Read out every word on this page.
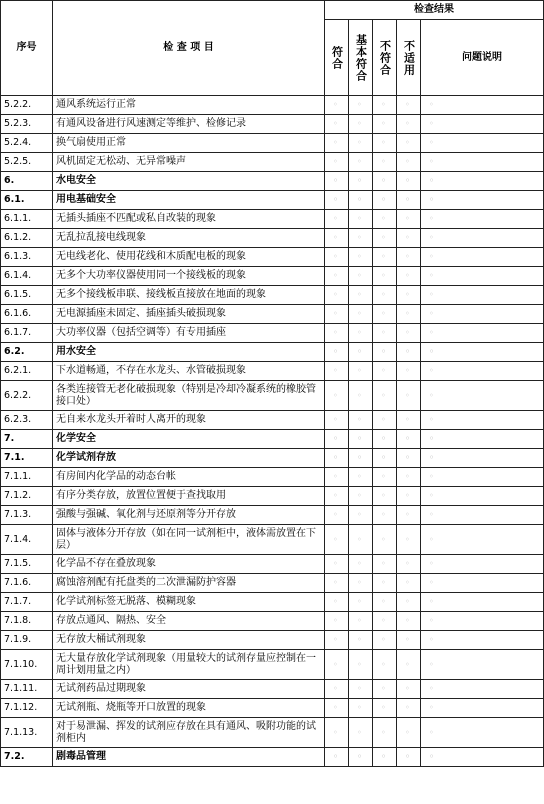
序号	检 查 项 目	检查结果				

		符合	基本符合	不符合	不适用	问题说明
5.2.2.	通风系统运行正常	◦	◦	◦	◦	◦
5.2.3.	有通风设备进行风速测定等维护、检修记录	◦	◦	◦	◦	◦
5.2.4.	换气扇使用正常	◦	◦	◦	◦	◦
5.2.5.	风机固定无松动、无异常噪声	◦	◦	◦	◦	◦
6.	水电安全	◦	◦	◦	◦	◦
6.1.	用电基础安全	◦	◦	◦	◦	◦
6.1.1.	无插头插座不匹配或私自改装的现象	◦	◦	◦	◦	◦
6.1.2.	无乱拉乱接电线现象	◦	◦	◦	◦	◦
6.1.3.	无电线老化、使用花线和木质配电板的现象	◦	◦	◦	◦	◦
6.1.4.	无多个大功率仪器使用同一个接线板的现象	◦	◦	◦	◦	◦
6.1.5.	无多个接线板串联、接线板直接放在地面的现象	◦	◦	◦	◦	◦
6.1.6.	无电源插座未固定、插座插头破损现象	◦	◦	◦	◦	◦
6.1.7.	大功率仪器（包括空调等）有专用插座	◦	◦	◦	◦	◦
6.2.	用水安全	◦	◦	◦	◦	◦
6.2.1.	下水道畅通，不存在水龙头、水管破损现象	◦	◦	◦	◦	◦
6.2.2.	各类连接管无老化破损现象（特别是冷却冷凝系统的橡胶管接口处）	◦	◦	◦	◦	◦
6.2.3.	无自来水龙头开着时人离开的现象	◦	◦	◦	◦	◦
7.	化学安全	◦	◦	◦	◦	◦
7.1.	化学试剂存放	◦	◦	◦	◦	◦
7.1.1.	有房间内化学品的动态台帐	◦	◦	◦	◦	◦
7.1.2.	有序分类存放，放置位置便于查找取用	◦	◦	◦	◦	◦
7.1.3.	强酸与强碱、氧化剂与还原剂等分开存放	◦	◦	◦	◦	◦
7.1.4.	固体与液体分开存放（如在同一试剂柜中，液体需放置在下层）	◦	◦	◦	◦	◦
7.1.5.	化学品不存在叠放现象	◦	◦	◦	◦	◦
7.1.6.	腐蚀溶剂配有托盘类的二次泄漏防护容器	◦	◦	◦	◦	◦
7.1.7.	化学试剂标签无脱落、模糊现象	◦	◦	◦	◦	◦
7.1.8.	存放点通风、隔热、安全	◦	◦	◦	◦	◦
7.1.9.	无存放大桶试剂现象	◦	◦	◦	◦	◦
7.1.10.	无大量存放化学试剂现象（用量较大的试剂存量应控制在一周计划用量之内）	◦	◦	◦	◦	◦
7.1.11.	无试剂药品过期现象	◦	◦	◦	◦	◦
7.1.12.	无试剂瓶、烧瓶等开口放置的现象	◦	◦	◦	◦	◦
7.1.13.	对于易泄漏、挥发的试剂应存放在具有通风、吸附功能的试剂柜内	◦	◦	◦	◦	◦
7.2.	剧毒品管理	◦	◦	◦	◦	◦
